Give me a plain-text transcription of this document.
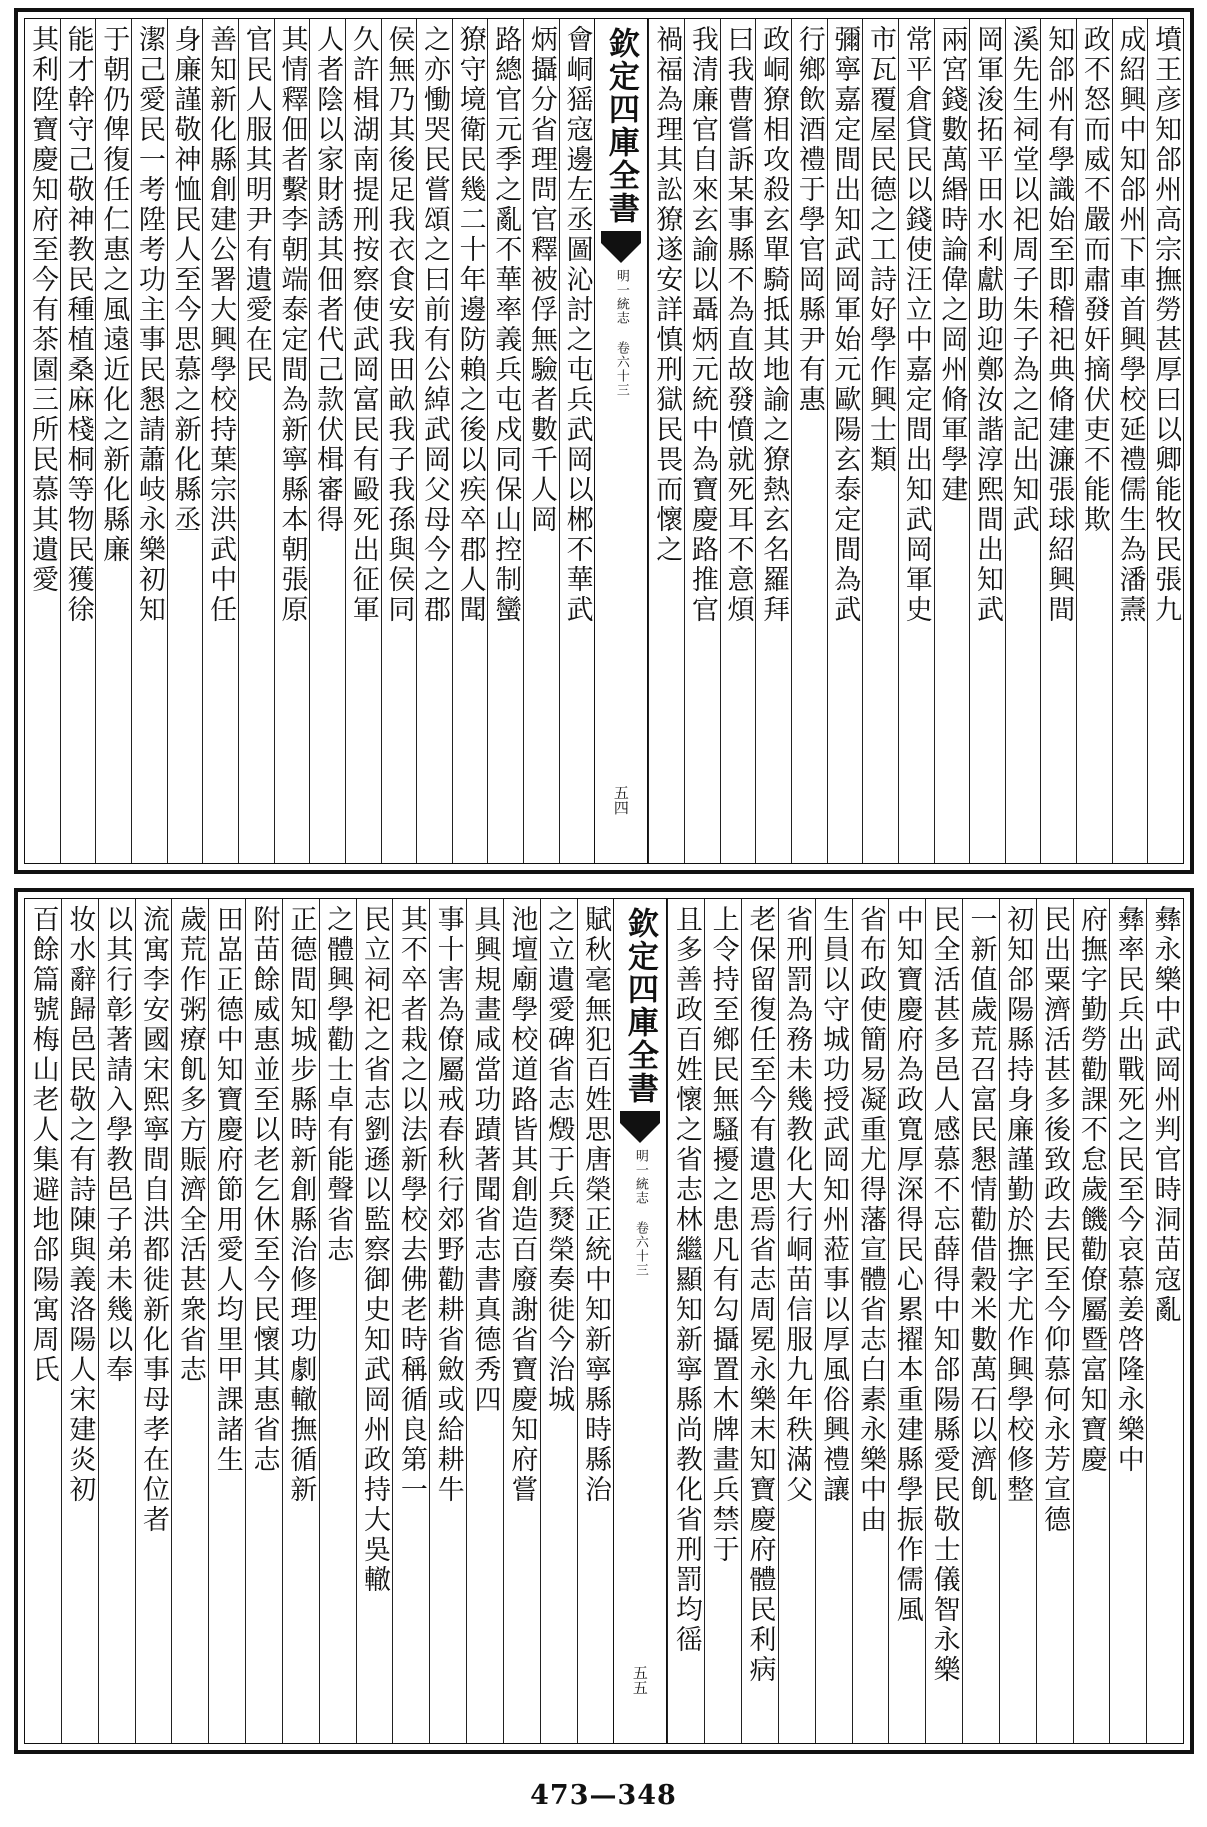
墳王彦知郃州高宗撫勞甚厚曰以卿能牧民張九
成紹興中知郃州下車首興學校延禮儒生為潘燾
政不怒而威不嚴而肅發奸摘伏吏不能欺
知郃州有學識始至即稽祀典脩建濂張球紹興間
溪先生祠堂以祀周子朱子為之記出知武
岡軍浚拓平田水利獻助迎鄭汝諧淳熙間出知武
兩宮錢數萬緡時論偉之岡州脩軍學建
常平倉貸民以錢使汪立中嘉定間出知武岡軍史
市瓦覆屋民德之工詩好學作興士類
彌寧嘉定間出知武岡軍始元歐陽玄泰定間為武
行鄉飲酒禮于學官岡縣尹有惠
政峒獠相攻殺玄單騎抵其地諭之獠熱玄名羅拜
曰我曹嘗訴某事縣不為直故發憤就死耳不意煩
我清廉官自來玄諭以聶炳元統中為寶慶路推官
禍福為理其訟獠遂安詳慎刑獄民畏而懷之
欽定四庫全書
明一統志 卷六十三
五四
會峒猺寇邊左丞圖沁討之屯兵武岡以郴不華武
炳攝分省理問官釋被俘無驗者數千人岡
路總官元季之亂不華率義兵屯戍同保山控制蠻
獠守境衛民幾二十年邊防賴之後以疾卒郡人聞
之亦慟哭民嘗頌之曰前有公綽武岡父母今之郡
侯無乃其後足我衣食安我田畝我子我孫與侯同
久許楫湖南提刑按察使武岡富民有毆死出征軍
人者陰以家財誘其佃者代己款伏楫審得
其情釋佃者繫李朝端泰定間為新寧縣本朝張原
官民人服其明尹有遺愛在民
善知新化縣創建公署大興學校持葉宗洪武中任
身廉謹敬神恤民人至今思慕之新化縣丞
潔己愛民一考陞考功主事民懇請蕭岐永樂初知
于朝仍俾復任仁惠之風遠近化之新化縣廉
能才幹守己敬神教民種植桑麻棧桐等物民獲徐
其利陞寶慶知府至今有茶園三所民慕其遺愛
彝永樂中武岡州判官時洞苗寇亂
彝率民兵出戰死之民至今哀慕姜啓隆永樂中
府撫字勤勞勸課不怠歲饑勸僚屬暨富知寶慶
民出粟濟活甚多後致政去民至今仰慕何永芳宣德
初知郃陽縣持身廉謹勤於撫字尤作興學校修整
一新值歲荒召富民懇情勸借穀米數萬石以濟飢
民全活甚多邑人感慕不忘薛得中知郃陽縣愛民敬士儀智永樂
中知寶慶府為政寬厚深得民心累擢本重建縣學振作儒風
省布政使簡易凝重尤得藩宣體省志白素永樂中由
生員以守城功授武岡知州蒞事以厚風俗興禮讓
省刑罰為務未幾教化大行峒苗信服九年秩滿父
老保留復任至今有遺思焉省志周冕永樂末知寶慶府體民利病
上令持至鄉民無騷擾之患凡有勾攝置木牌畫兵禁于
且多善政百姓懷之省志林繼顯知新寧縣尚教化省刑罰均徭
欽定四庫全書
明一統志 卷六十三
五五
賦秋毫無犯百姓思唐榮正統中知新寧縣時縣治
之立遺愛碑省志燬于兵燹榮奏徙今治城
池壇廟學校道路皆其創造百廢謝省寶慶知府嘗
具興規畫咸當功蹟著聞省志書真德秀四
事十害為僚屬戒春秋行郊野勸耕省斂或給耕牛
其不卒者栽之以法新學校去佛老時稱循良第一
民立祠祀之省志劉遜以監察御史知武岡州政持大吳轍
之體興學勸士卓有能聲省志
正德間知城步縣時新創縣治修理功劇轍撫循新
附苗餘威惠並至以老乞休至今民懷其惠省志
田嵓正德中知寶慶府節用愛人均里甲課諸生
歲荒作粥療飢多方賑濟全活甚衆省志
流寓李安國宋熙寧間自洪都徙新化事母孝在位者
以其行彰著請入學教邑子弟未幾以奉
妆水辭歸邑民敬之有詩陳與義洛陽人宋建炎初
百餘篇號梅山老人集避地郃陽寓周氏
473—348
